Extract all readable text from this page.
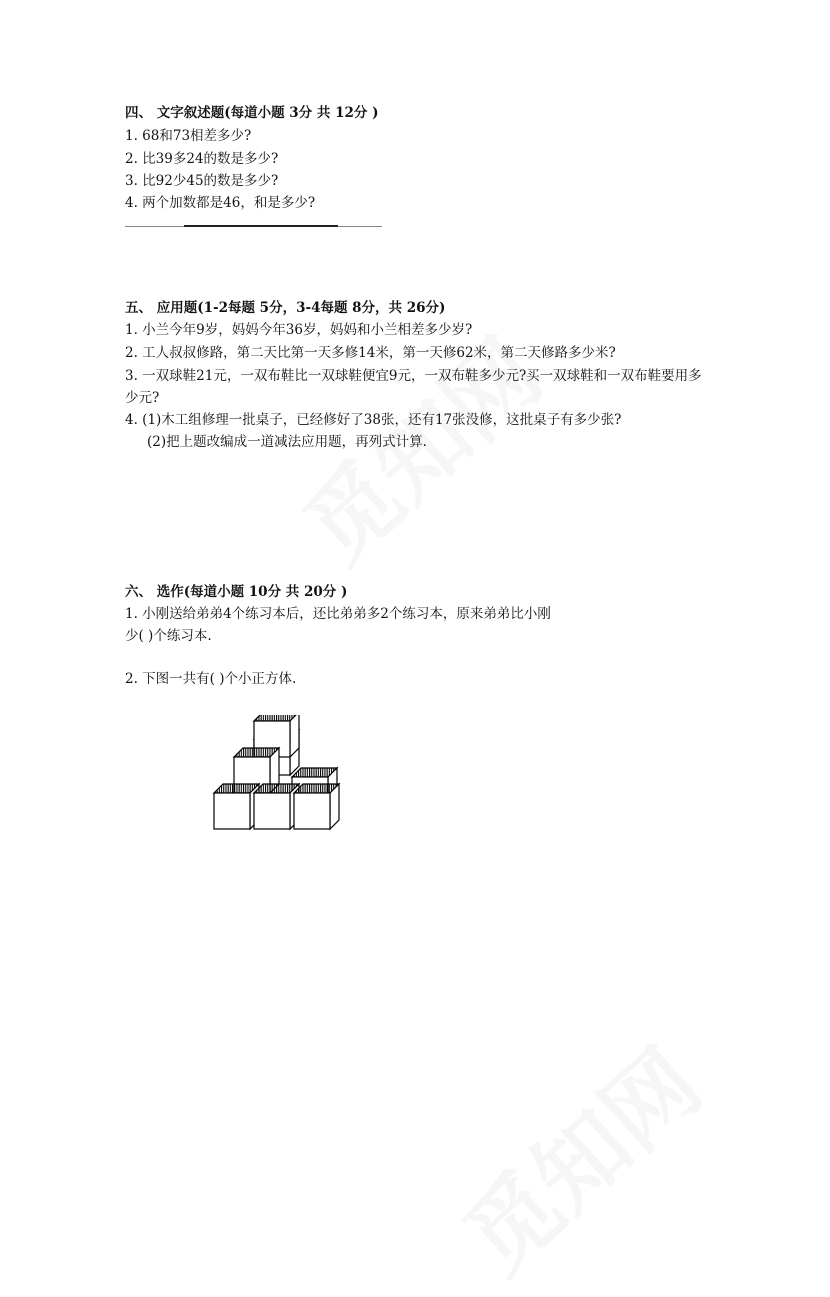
四、 文字叙述题(每道小题 3分 共 12分 )
1. 68和73相差多少?
2. 比39多24的数是多少?
3. 比92少45的数是多少?
4. 两个加数都是46，和是多少?
五、 应用题(1-2每题 5分，3-4每题 8分，共 26分)
1. 小兰今年9岁，妈妈今年36岁，妈妈和小兰相差多少岁?
2. 工人叔叔修路，第二天比第一天多修14米，第一天修62米，第二天修路多少米?
3. 一双球鞋21元，一双布鞋比一双球鞋便宜9元，一双布鞋多少元?买一双球鞋和一双布鞋要用多少元?
4. (1)木工组修理一批桌子，已经修好了38张，还有17张没修，这批桌子有多少张?
(2)把上题改编成一道减法应用题，再列式计算.
六、 选作(每道小题 10分 共 20分 )
1. 小刚送给弟弟4个练习本后，还比弟弟多2个练习本，原来弟弟比小刚
少( )个练习本.
2. 下图一共有( )个小正方体.
